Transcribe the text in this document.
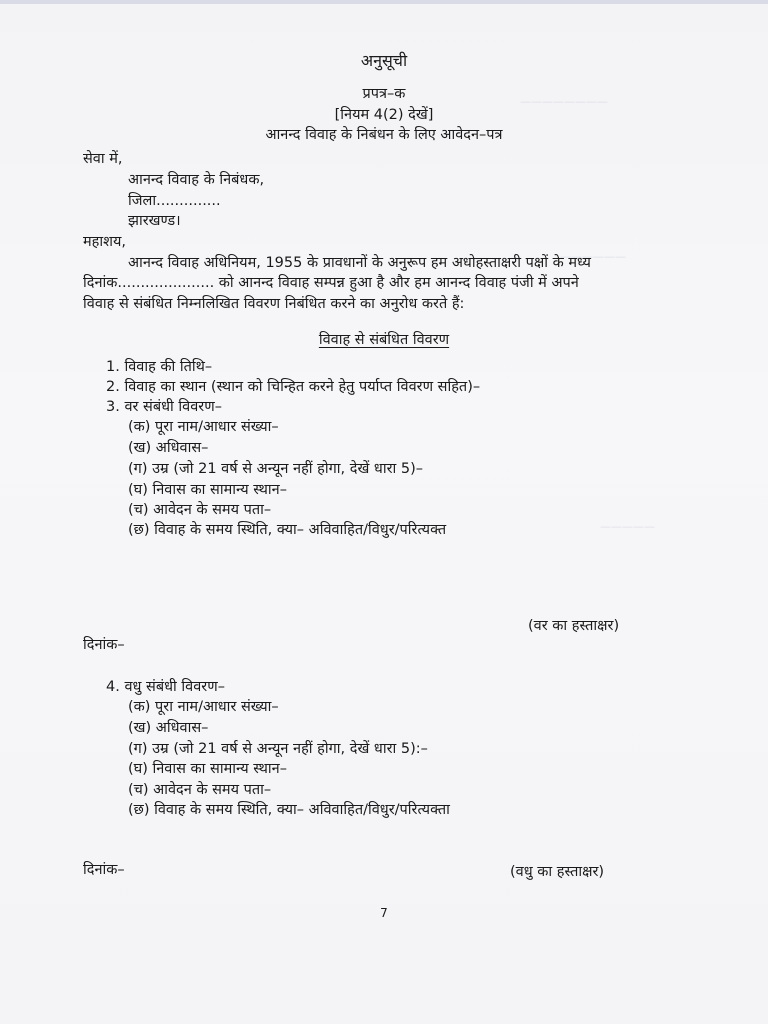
————————
——————
—————
अनुसूची
प्रपत्र–क
[नियम 4(2) देखें]
आनन्द विवाह के निबंधन के लिए आवेदन–पत्र
सेवा में,
आनन्द विवाह के निबंधक,
जिला..............
झारखण्ड।
महाशय,
आनन्द विवाह अधिनियम, 1955 के प्रावधानों के अनुरूप हम अधोहस्ताक्षरी पक्षों के मध्य
दिनांक..................... को आनन्द विवाह सम्पन्न हुआ है और हम आनन्द विवाह पंजी में अपने
विवाह से संबंधित निम्नलिखित विवरण निबंधित करने का अनुरोध करते हैं:
विवाह से संबंधित विवरण
1. विवाह की तिथि–
2. विवाह का स्थान (स्थान को चिन्हित करने हेतु पर्याप्त विवरण सहित)–
3. वर संबंधी विवरण–
(क) पूरा नाम/आधार संख्या–
(ख) अधिवास–
(ग) उम्र (जो 21 वर्ष से अन्यून नहीं होगा, देखें धारा 5)–
(घ) निवास का सामान्य स्थान–
(च) आवेदन के समय पता–
(छ) विवाह के समय स्थिति, क्या– अविवाहित/विधुर/परित्यक्त
(वर का हस्ताक्षर)
दिनांक–
4. वधु संबंधी विवरण–
(क) पूरा नाम/आधार संख्या–
(ख) अधिवास–
(ग) उम्र (जो 21 वर्ष से अन्यून नहीं होगा, देखें धारा 5):–
(घ) निवास का सामान्य स्थान–
(च) आवेदन के समय पता–
(छ) विवाह के समय स्थिति, क्या– अविवाहित/विधुर/परित्यक्ता
दिनांक–	(वधु का हस्ताक्षर)
7
